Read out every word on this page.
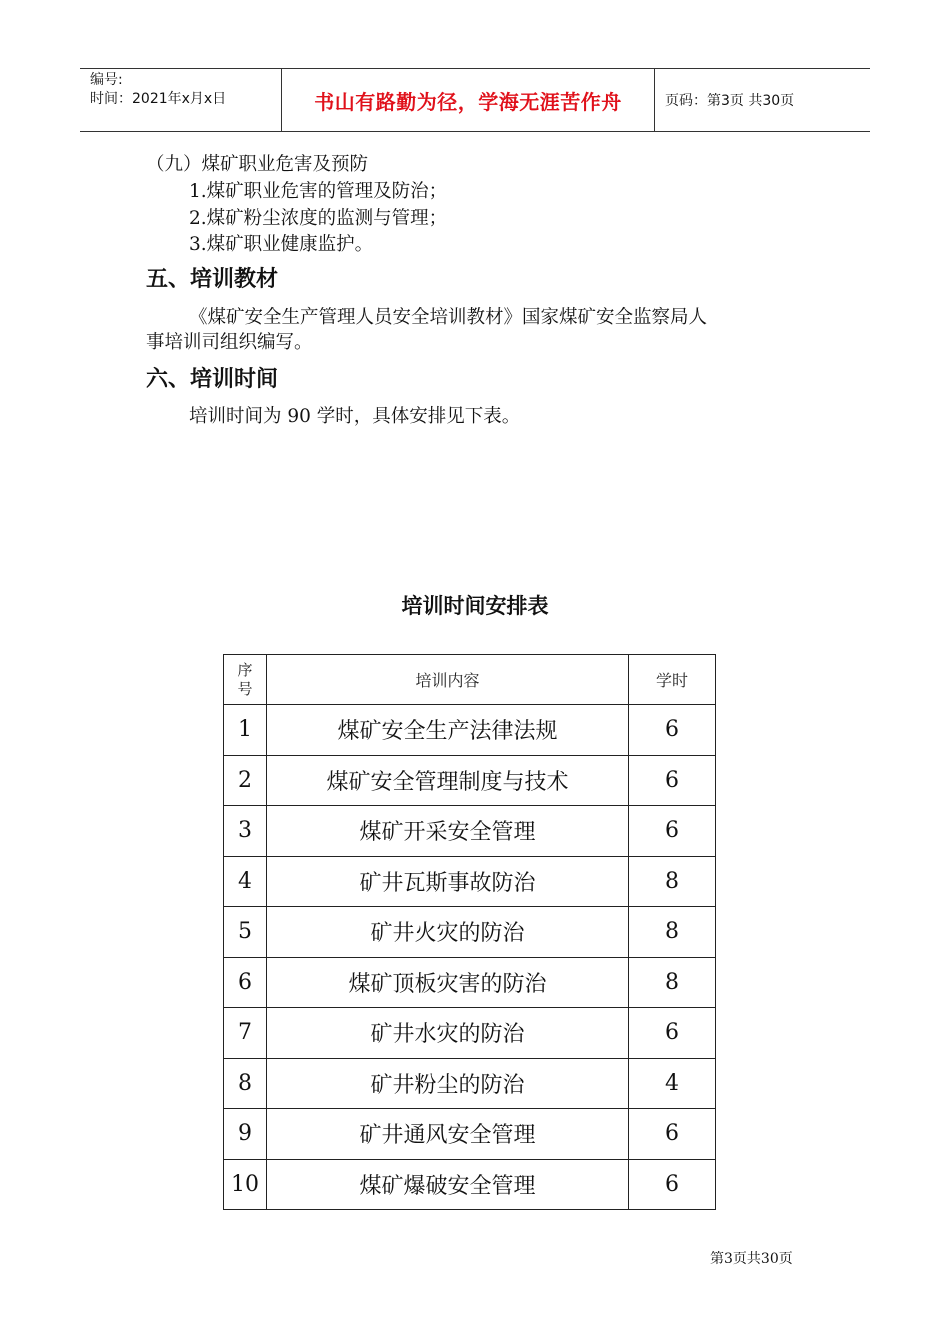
编号:
时间：2021年x月x日	书山有路勤为径，学海无涯苦作舟	页码：第3页 共30页
（九）煤矿职业危害及预防
1.煤矿职业危害的管理及防治；
2.煤矿粉尘浓度的监测与管理；
3.煤矿职业健康监护。
五、培训教材
《煤矿安全生产管理人员安全培训教材》国家煤矿安全监察局人
事培训司组织编写。
六、培训时间
培训时间为 90 学时，具体安排见下表。
培训时间安排表
序号	培训内容	学时
1	煤矿安全生产法律法规	6
2	煤矿安全管理制度与技术	6
3	煤矿开采安全管理	6
4	矿井瓦斯事故防治	8
5	矿井火灾的防治	8
6	煤矿顶板灾害的防治	8
7	矿井水灾的防治	6
8	矿井粉尘的防治	4
9	矿井通风安全管理	6
10	煤矿爆破安全管理	6
第3页共30页
